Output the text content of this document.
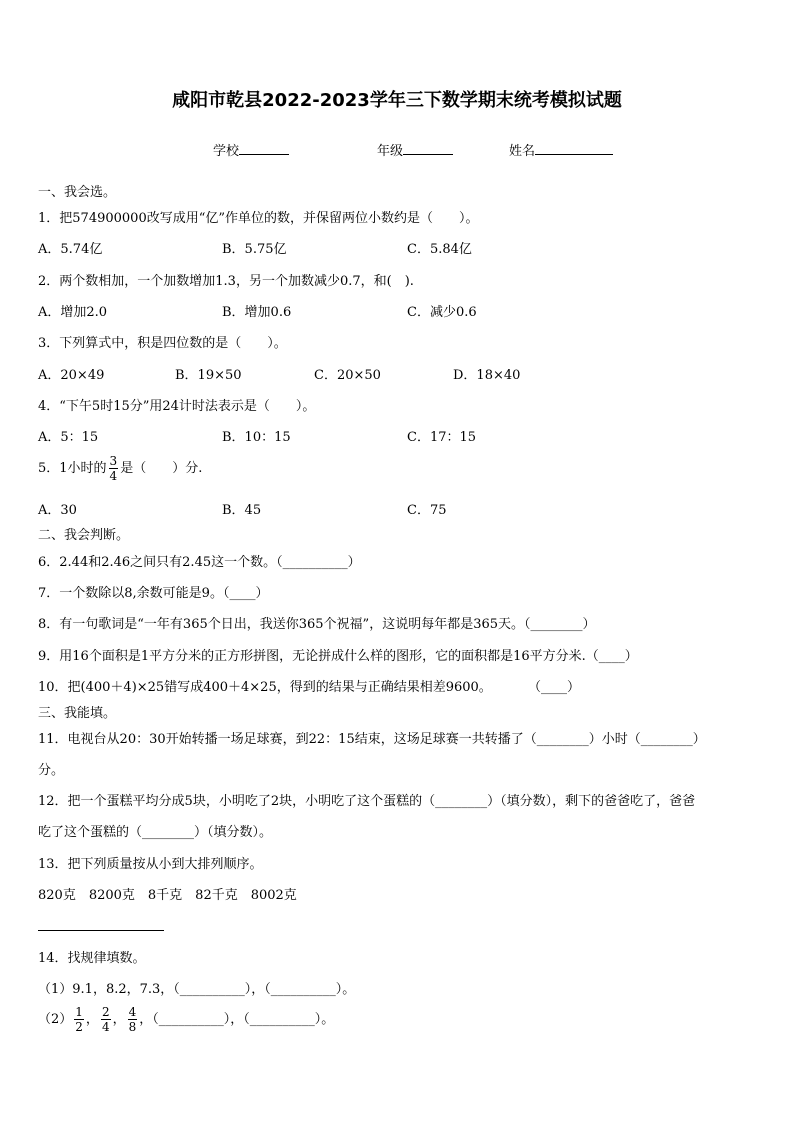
咸阳市乾县2022-2023学年三下数学期末统考模拟试题
学校	年级	姓名
一、我会选。
1．把574900000改写成用“亿”作单位的数，并保留两位小数约是（　　）。
A．5.74亿	B．5.75亿	C．5.84亿
2．两个数相加，一个加数增加1.3，另一个加数减少0.7，和(　).
A．增加2.0	B．增加0.6	C．减少0.6
3．下列算式中，积是四位数的是（　　）。
A．20×49	B．19×50	C．20×50	D．18×40
4．“下午5时15分”用24计时法表示是（　　）。
A．5：15	B．10：15	C．17：15
5．1小时的 $\frac{3}{4}$ 是（　　）分.
A．30	B．45	C．75
二、我会判断。
6．2.44和2.46之间只有2.45这一个数。（__________）
7．一个数除以8,余数可能是9。（____）
8．有一句歌词是“一年有365个日出，我送你365个祝福”，这说明每年都是365天。（________）
9．用16个面积是1平方分米的正方形拼图，无论拼成什么样的图形，它的面积都是16平方分米.（____）
10．把(400＋4)×25错写成400＋4×25，得到的结果与正确结果相差9600。	（____）
三、我能填。
11．电视台从20：30开始转播一场足球赛，到22：15结束，这场足球赛一共转播了（________）小时（________）
分。
12．把一个蛋糕平均分成5块，小明吃了2块，小明吃了这个蛋糕的（________）（填分数），剩下的爸爸吃了，爸爸
吃了这个蛋糕的（________）（填分数）。
13．把下列质量按从小到大排列顺序。
820克　8200克　8千克　82千克　8002克
14．找规律填数。
（1）9.1，8.2，7.3，（__________），（__________）。
$(2) \frac{1}{2}$ ， $\frac{2}{4}$ ， $\frac{4}{8}$ ，（__________），（__________）。
